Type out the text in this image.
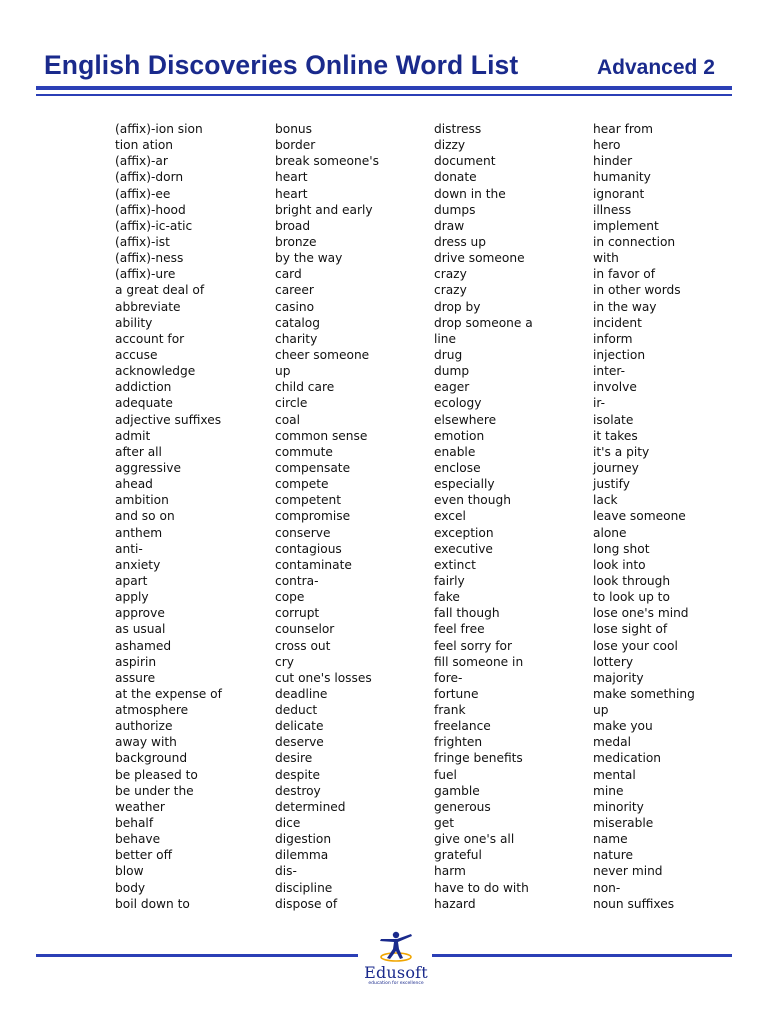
English Discoveries Online Word List	Advanced 2
(affix)-ion sion
tion ation
(affix)-ar
(affix)-dorn
(affix)-ee
(affix)-hood
(affix)-ic-atic
(affix)-ist
(affix)-ness
(affix)-ure
a great deal of
abbreviate
ability
account for
accuse
acknowledge
addiction
adequate
adjective suffixes
admit
after all
aggressive
ahead
ambition
and so on
anthem
anti-
anxiety
apart
apply
approve
as usual
ashamed
aspirin
assure
at the expense of
atmosphere
authorize
away with
background
be pleased to
be under the
weather
behalf
behave
better off
blow
body
boil down to
bonus
border
break someone's
heart
heart
bright and early
broad
bronze
by the way
card
career
casino
catalog
charity
cheer someone
up
child care
circle
coal
common sense
commute
compensate
compete
competent
compromise
conserve
contagious
contaminate
contra-
cope
corrupt
counselor
cross out
cry
cut one's losses
deadline
deduct
delicate
deserve
desire
despite
destroy
determined
dice
digestion
dilemma
dis-
discipline
dispose of
distress
dizzy
document
donate
down in the
dumps
draw
dress up
drive someone
crazy
crazy
drop by
drop someone a
line
drug
dump
eager
ecology
elsewhere
emotion
enable
enclose
especially
even though
excel
exception
executive
extinct
fairly
fake
fall though
feel free
feel sorry for
fill someone in
fore-
fortune
frank
freelance
frighten
fringe benefits
fuel
gamble
generous
get
give one's all
grateful
harm
have to do with
hazard
hear from
hero
hinder
humanity
ignorant
illness
implement
in connection
with
in favor of
in other words
in the way
incident
inform
injection
inter-
involve
ir-
isolate
it takes
it's a pity
journey
justify
lack
leave someone
alone
long shot
look into
look through
to look up to
lose one's mind
lose sight of
lose your cool
lottery
majority
make something
up
make you
medal
medication
mental
mine
minority
miserable
name
nature
never mind
non-
noun suffixes
Edusoft
education for excellence
